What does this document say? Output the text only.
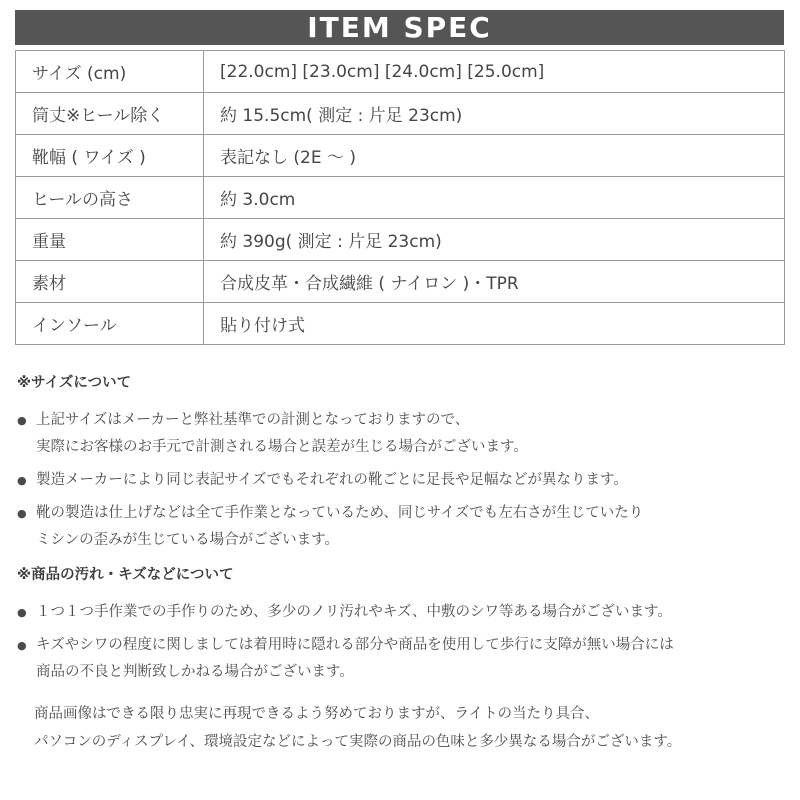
ITEM SPEC
サイズ (cm)	[22.0cm] [23.0cm] [24.0cm] [25.0cm]
筒丈※ヒール除く	約 15.5cm( 測定 : 片足 23cm)
靴幅 ( ワイズ )	表記なし (2E ～ )
ヒールの高さ	約 3.0cm
重量	約 390g( 測定 : 片足 23cm)
素材	合成皮革・合成繊維 ( ナイロン )・TPR
インソール	貼り付け式
※サイズについて
● 上記サイズはメーカーと弊社基準での計測となっておりますので、
実際にお客様のお手元で計測される場合と誤差が生じる場合がございます。
● 製造メーカーにより同じ表記サイズでもそれぞれの靴ごとに足長や足幅などが異なります。
● 靴の製造は仕上げなどは全て手作業となっているため、同じサイズでも左右さが生じていたり
ミシンの歪みが生じている場合がございます。
※商品の汚れ・キズなどについて
● １つ１つ手作業での手作りのため、多少のノリ汚れやキズ、中敷のシワ等ある場合がございます。
● キズやシワの程度に関しましては着用時に隠れる部分や商品を使用して歩行に支障が無い場合には
商品の不良と判断致しかねる場合がございます。
商品画像はできる限り忠実に再現できるよう努めておりますが、ライトの当たり具合、
パソコンのディスプレイ、環境設定などによって実際の商品の色味と多少異なる場合がございます。
